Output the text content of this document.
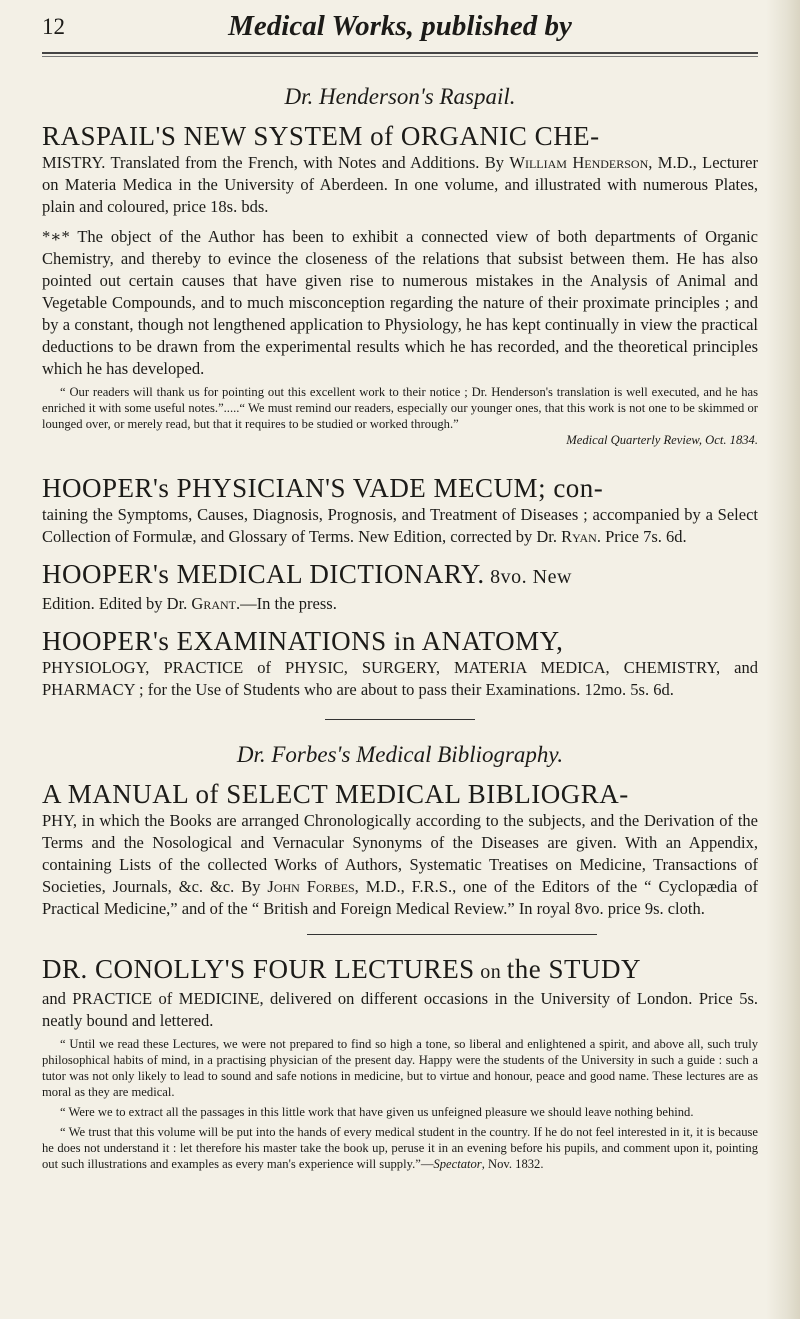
12	Medical Works, published by
Dr. Henderson's Raspail.
RASPAIL'S NEW SYSTEM of ORGANIC CHE-
MISTRY. Translated from the French, with Notes and Additions. By William Henderson, M.D., Lecturer on Materia Medica in the University of Aberdeen. In one volume, and illustrated with numerous Plates, plain and coloured, price 18s. bds.
*∗* The object of the Author has been to exhibit a connected view of both departments of Organic Chemistry, and thereby to evince the closeness of the relations that subsist between them. He has also pointed out certain causes that have given rise to numerous mistakes in the Analysis of Animal and Vegetable Compounds, and to much misconception regarding the nature of their proximate principles ; and by a constant, though not lengthened application to Physiology, he has kept continually in view the practical deductions to be drawn from the experimental results which he has recorded, and the theoretical principles which he has developed.
“ Our readers will thank us for pointing out this excellent work to their notice ; Dr. Henderson's translation is well executed, and he has enriched it with some useful notes.”.....“ We must remind our readers, especially our younger ones, that this work is not one to be skimmed or lounged over, or merely read, but that it requires to be studied or worked through.”
Medical Quarterly Review, Oct. 1834.
HOOPER's PHYSICIAN'S VADE MECUM; con-
taining the Symptoms, Causes, Diagnosis, Prognosis, and Treatment of Diseases ; accompanied by a Select Collection of Formulæ, and Glossary of Terms. New Edition, corrected by Dr. Ryan. Price 7s. 6d.
HOOPER's MEDICAL DICTIONARY. 8vo. New
Edition. Edited by Dr. Grant.—In the press.
HOOPER's EXAMINATIONS in ANATOMY,
PHYSIOLOGY, PRACTICE of PHYSIC, SURGERY, MATERIA MEDICA, CHEMISTRY, and PHARMACY ; for the Use of Students who are about to pass their Examinations. 12mo. 5s. 6d.
Dr. Forbes's Medical Bibliography.
A MANUAL of SELECT MEDICAL BIBLIOGRA-
PHY, in which the Books are arranged Chronologically according to the subjects, and the Derivation of the Terms and the Nosological and Vernacular Synonyms of the Diseases are given. With an Appendix, containing Lists of the collected Works of Authors, Systematic Treatises on Medicine, Transactions of Societies, Journals, &c. &c. By John Forbes, M.D., F.R.S., one of the Editors of the “ Cyclopædia of Practical Medicine,” and of the “ British and Foreign Medical Review.” In royal 8vo. price 9s. cloth.
DR. CONOLLY'S FOUR LECTURES on the STUDY
and PRACTICE of MEDICINE, delivered on different occasions in the University of London. Price 5s. neatly bound and lettered.
“ Until we read these Lectures, we were not prepared to find so high a tone, so liberal and enlightened a spirit, and above all, such truly philosophical habits of mind, in a practising physician of the present day. Happy were the students of the University in such a guide : such a tutor was not only likely to lead to sound and safe notions in medicine, but to virtue and honour, peace and good name. These lectures are as moral as they are medical.
“ Were we to extract all the passages in this little work that have given us unfeigned pleasure we should leave nothing behind.
“ We trust that this volume will be put into the hands of every medical student in the country. If he do not feel interested in it, it is because he does not understand it : let therefore his master take the book up, peruse it in an evening before his pupils, and comment upon it, pointing out such illustrations and examples as every man's experience will supply.”—Spectator, Nov. 1832.
